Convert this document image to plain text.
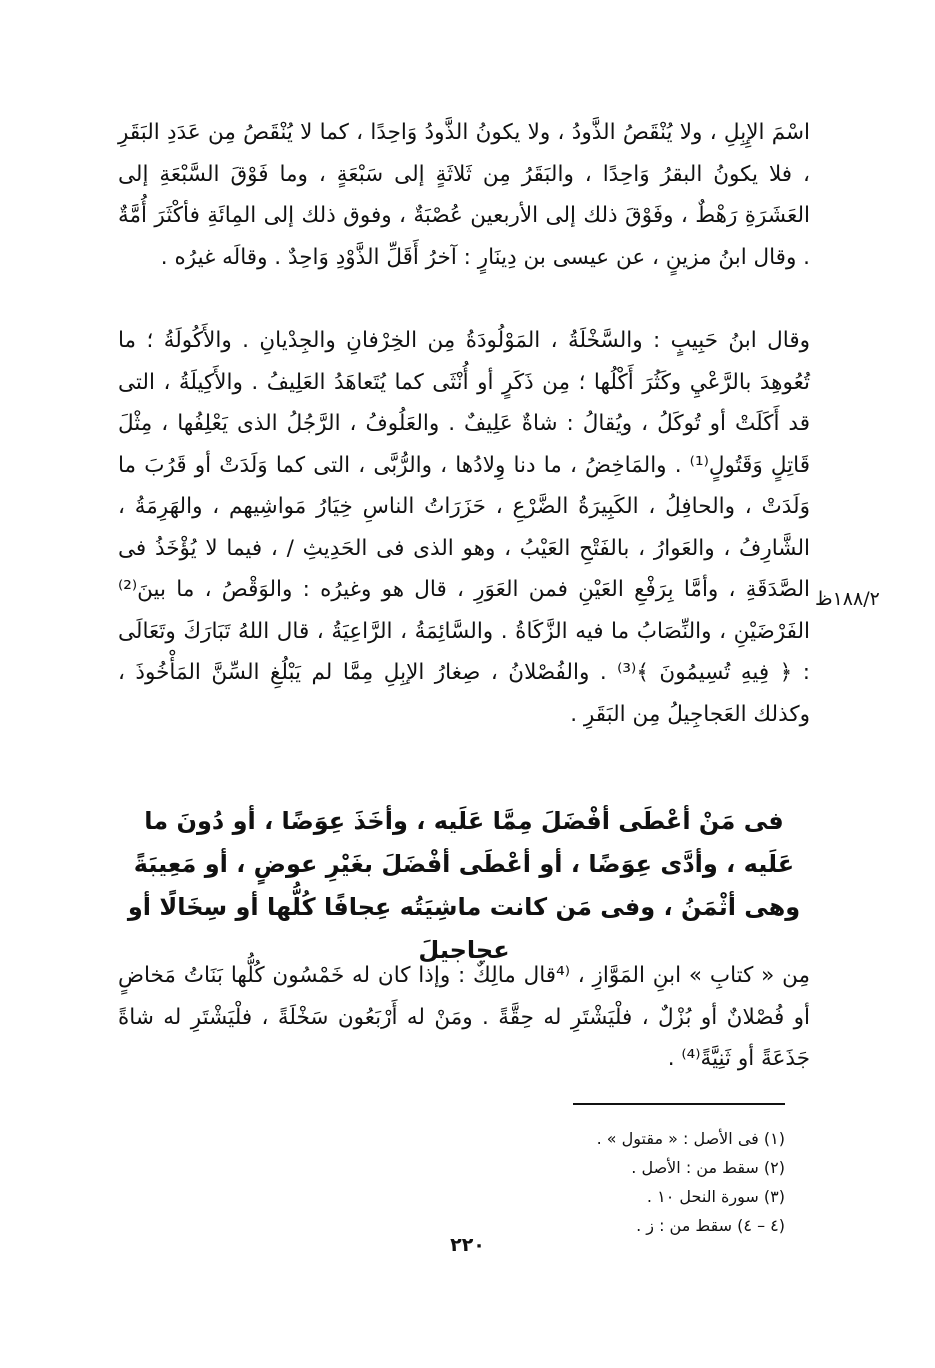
اسْمَ الإِبِلِ ، ولا يُنْقَصُ الذَّودُ ، ولا يكونُ الذَّودُ وَاحِدًا ، كما لا يُنْقَصُ مِن عَدَدِ البَقَرِ ، فلا يكونُ البقرُ وَاحِدًا ، والبَقَرُ مِن ثَلاثَةٍ إلى سَبْعَةٍ ، وما فَوْقَ السَّبْعَةِ إلى العَشَرَةِ رَهْطٌ ، وفَوْقَ ذلك إلى الأربعين عُصْبَةٌ ، وفوق ذلك إلى المِائَةِ فأكْثَرَ أُمَّةٌ . وقال ابنُ مزينٍ ، عن عيسى بن دِينَارٍ : آخرُ أَقَلِّ الذَّوْدِ وَاحِدٌ . وقالَه غيرُه .

وقال ابنُ حَبِيبٍ : والسَّخْلَةُ ، المَوْلُودَةُ مِن الخِرْفانِ والجِدْيانِ . والأَكُولَةُ ؛ ما تُعُوهِدَ بالرَّعْيِ وكَثُرَ أَكْلُها ؛ مِن ذَكَرٍ أو أُنْثَى كما يُتَعاهَدُ العَلِيفُ . والأَكِيلَةُ ، التى قد أَكَلَتْ أو تُوكَلُ ، ويُقالُ : شاةٌ عَلِيفٌ . والعَلُوفُ ، الرَّجُلُ الذى يَعْلِفُها ، مِثْلَ قَاتِلٍ وَقَتُولٍ⁽¹⁾ . والمَاخِضُ ، ما دنا وِلادُها ، والرُّبَّى ، التى كما وَلَدَتْ أو قَرُبَ ما وَلَدَتْ ، والحافِلُ ، الكَبِيرَةُ الضَّرْعِ ، حَزَرَاتُ الناسِ خِيَارُ مَواشِيهم ، والهَرِمَةُ ، الشَّارِفُ ، والعَوارُ ، بالفَتْحِ العَيْبُ ، وهو الذى فى الحَدِيثِ / ، فيما لا يُؤْخَذُ فى الصَّدَقَةِ ، وأمَّا بِرَفْعِ العَيْنِ فمن العَوَرِ ، قال هو وغيرُه : والوَقْصُ ، ما بينَ⁽²⁾ الفَرْضَيْنِ ، والنِّصَابُ ما فيه الزَّكَاةُ . والسَّائِمَةُ ، الرَّاعِيَةُ ، قال اللهُ تَبَارَكَ وتَعَالَى : ﴿ فِيهِ تُسِيمُونَ ﴾⁽³⁾ . والفُصْلانُ ، صِغارُ الإبِلِ مِمَّا لم يَبْلُغِ السِّنَّ المَأْخُوذَ ، وكذلك العَجاجِيلُ مِن البَقَرِ .

١٨٨/٢ظ
فى مَنْ أعْطَى أفْضَلَ مِمَّا عَلَيه ، وأخَذَ عِوَضًا ، أو دُونَ ما عَلَيه ، وأدَّى عِوَضًا ، أو أعْطَى أفْضَلَ بغَيْرِ عوضٍ ، أو مَعِيبَةً وهى أثْمَنُ ، وفى مَن كانت ماشِيَتُه عِجافًا كُلُّها أو سِخَالًا أو عجاجيلَ

مِن « كتابِ » ابنِ المَوَّازِ ، ⁽⁴قال مالِكٌ : وإذا كان له خَمْسُون كُلُّها بَنَاتُ مَخاضٍ أو فُصْلانٌ أو بُزْلٌ ، فلْيَشْتَرِ له حِقَّةً . ومَنْ له أَرْبَعُون سَخْلَةً ، فلْيَشْتَرِ له شاةً جَذَعَةً أو ثَنِيَّةً⁽⁴⁾ .

(١) فى الأصل : « مقتول » .
(٢) سقط من : الأصل .
(٣) سورة النحل ١٠ .
(٤ – ٤) سقط من : ز .
٢٢٠
